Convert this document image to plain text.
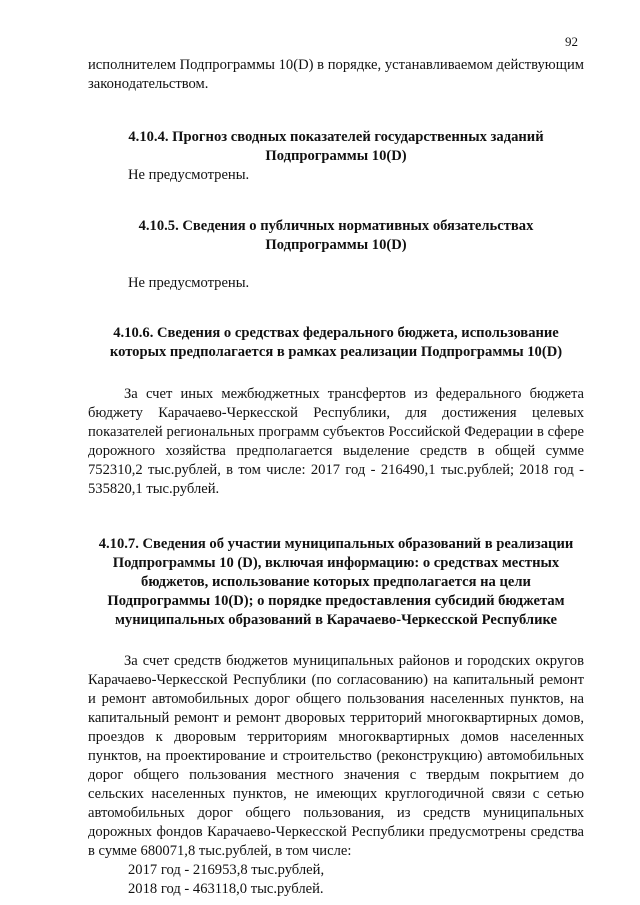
92

исполнителем Подпрограммы 10(D) в порядке, устанавливаемом действующим законодательством.

4.10.4. Прогноз сводных показателей государственных заданий Подпрограммы 10(D)

Не предусмотрены.

4.10.5. Сведения о публичных нормативных обязательствах Подпрограммы 10(D)

Не предусмотрены.

4.10.6. Сведения о средствах федерального бюджета, использование которых предполагается в рамках реализации Подпрограммы 10(D)

За счет иных межбюджетных трансфертов из федерального бюджета бюджету Карачаево-Черкесской Республики, для достижения целевых показателей региональных программ субъектов Российской Федерации в сфере дорожного хозяйства предполагается выделение средств в общей сумме 752310,2 тыс.рублей, в том числе: 2017 год - 216490,1 тыс.рублей; 2018 год - 535820,1 тыс.рублей.

4.10.7. Сведения об участии муниципальных образований в реализации Подпрограммы 10 (D), включая информацию: о средствах местных бюджетов, использование которых предполагается на цели Подпрограммы 10(D); о порядке предоставления субсидий бюджетам муниципальных образований в Карачаево-Черкесской Республике

За счет средств бюджетов муниципальных районов и городских округов Карачаево-Черкесской Республики (по согласованию) на капитальный ремонт и ремонт автомобильных дорог общего пользования населенных пунктов, на капитальный ремонт и ремонт дворовых территорий многоквартирных домов, проездов к дворовым территориям многоквартирных домов населенных пунктов, на проектирование и строительство (реконструкцию) автомобильных дорог общего пользования местного значения с твердым покрытием до сельских населенных пунктов, не имеющих круглогодичной связи с сетью автомобильных дорог общего пользования, из средств муниципальных дорожных фондов Карачаево-Черкесской Республики предусмотрены средства в сумме 680071,8 тыс.рублей, в том числе:

2017 год - 216953,8 тыс.рублей,

2018 год - 463118,0 тыс.рублей.
